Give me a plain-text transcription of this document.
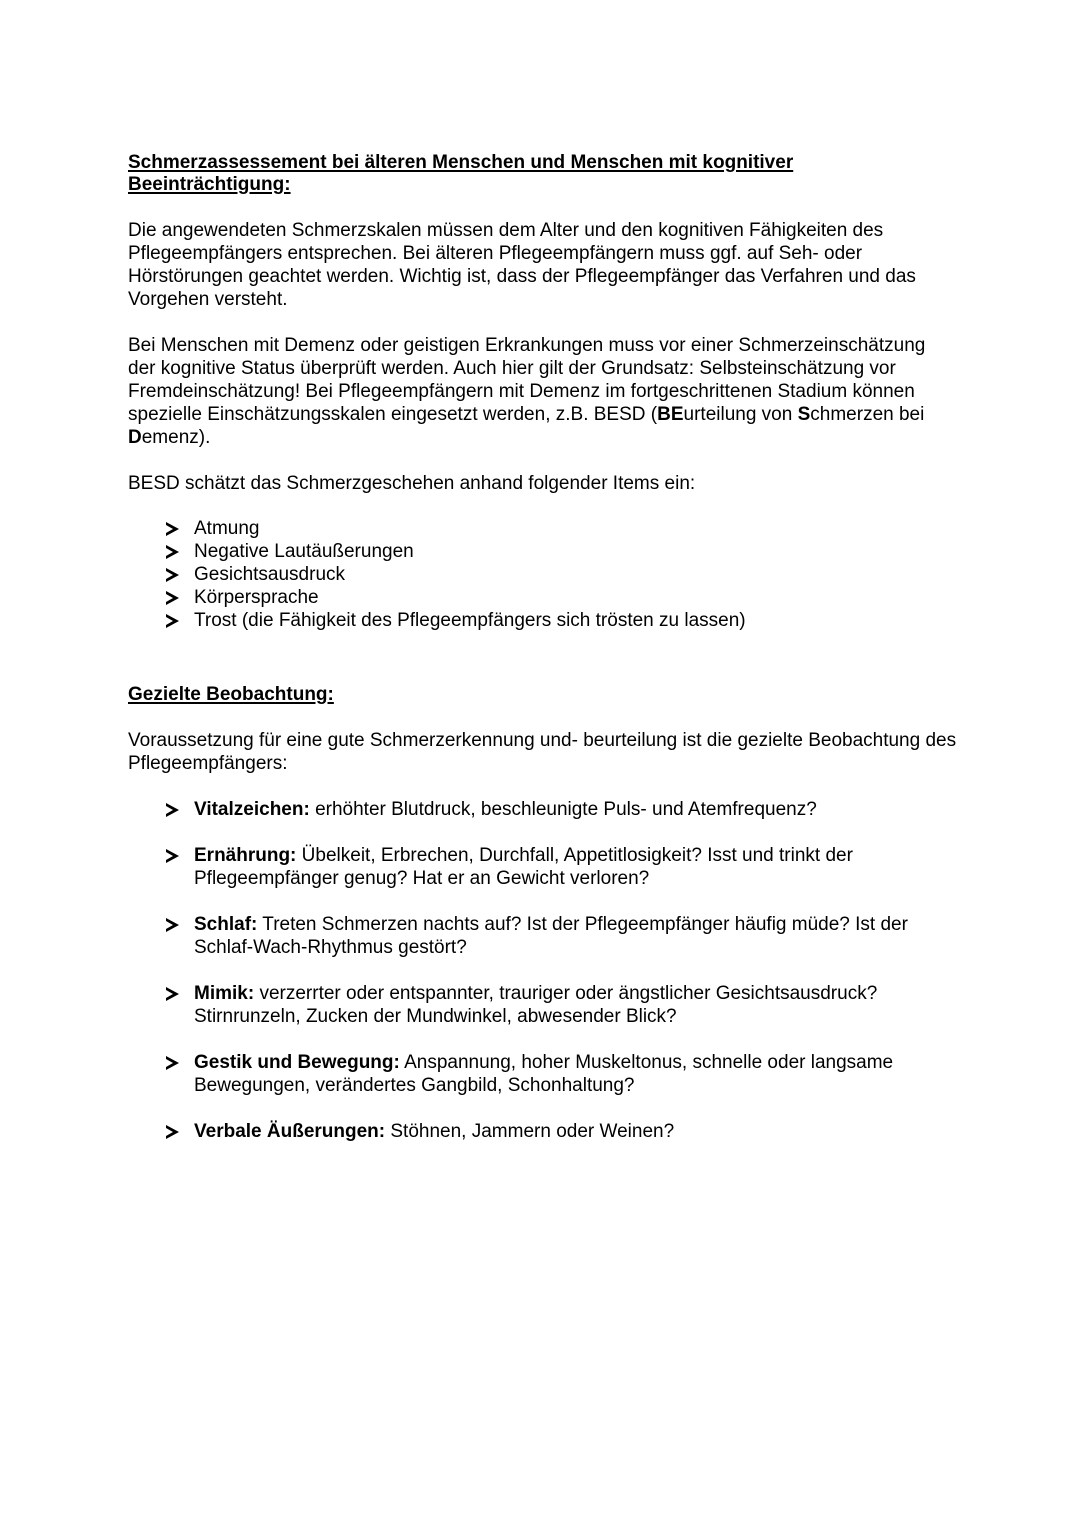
Schmerzassessement bei älteren Menschen und Menschen mit kognitiver Beeinträchtigung:

Die angewendeten Schmerzskalen müssen dem Alter und den kognitiven Fähigkeiten des Pflegeempfängers entsprechen. Bei älteren Pflegeempfängern muss ggf. auf Seh- oder Hörstörungen geachtet werden. Wichtig ist, dass der Pflegeempfänger das Verfahren und das Vorgehen versteht.

Bei Menschen mit Demenz oder geistigen Erkrankungen muss vor einer Schmerzeinschätzung der kognitive Status überprüft werden. Auch hier gilt der Grundsatz: Selbsteinschätzung vor Fremdeinschätzung! Bei Pflegeempfängern mit Demenz im fortgeschrittenen Stadium können spezielle Einschätzungsskalen eingesetzt werden, z.B. BESD (BEurteilung von Schmerzen bei Demenz).

BESD schätzt das Schmerzgeschehen anhand folgender Items ein:

Atmung
Negative Lautäußerungen
Gesichtsausdruck
Körpersprache
Trost (die Fähigkeit des Pflegeempfängers sich trösten zu lassen)
Gezielte Beobachtung:

Voraussetzung für eine gute Schmerzerkennung und- beurteilung ist die gezielte Beobachtung des Pflegeempfängers:

Vitalzeichen: erhöhter Blutdruck, beschleunigte Puls- und Atemfrequenz?
Ernährung: Übelkeit, Erbrechen, Durchfall, Appetitlosigkeit? Isst und trinkt der Pflegeempfänger genug? Hat er an Gewicht verloren?
Schlaf: Treten Schmerzen nachts auf? Ist der Pflegeempfänger häufig müde? Ist der Schlaf-Wach-Rhythmus gestört?
Mimik: verzerrter oder entspannter, trauriger oder ängstlicher Gesichtsausdruck? Stirnrunzeln, Zucken der Mundwinkel, abwesender Blick?
Gestik und Bewegung: Anspannung, hoher Muskeltonus, schnelle oder langsame Bewegungen, verändertes Gangbild, Schonhaltung?
Verbale Äußerungen: Stöhnen, Jammern oder Weinen?
